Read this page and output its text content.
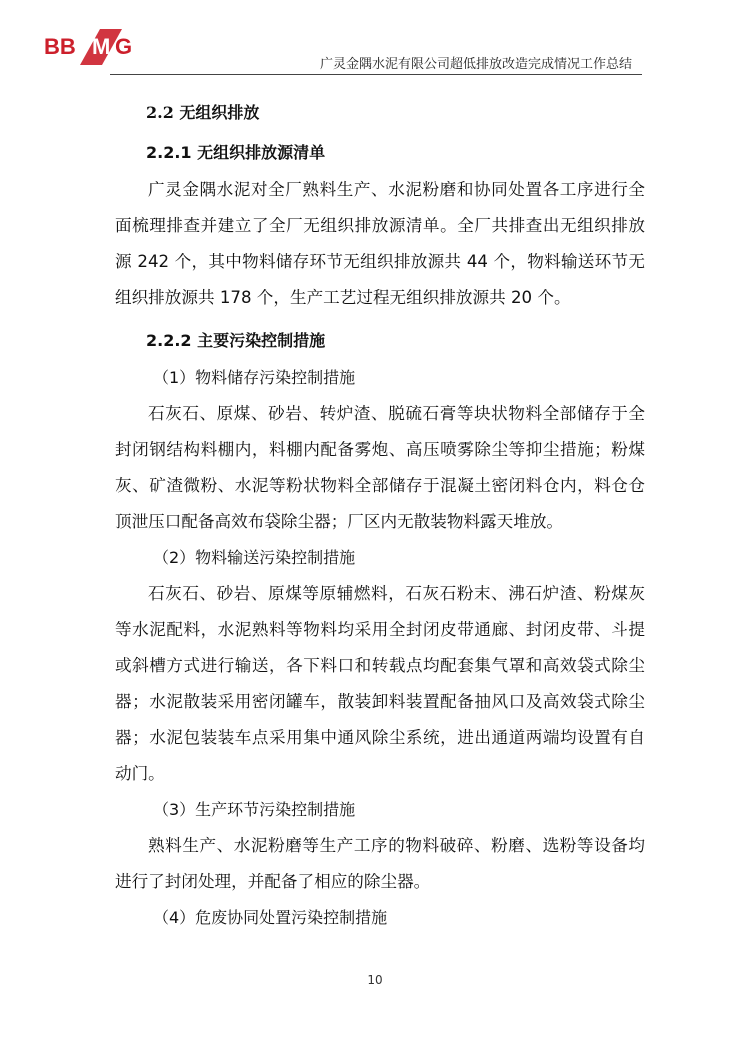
BB M G
广灵金隅水泥有限公司超低排放改造完成情况工作总结
2.2 无组织排放
2.2.1 无组织排放源清单

广灵金隅水泥对全厂熟料生产、水泥粉磨和协同处置各工序进行全面梳理排查并建立了全厂无组织排放源清单。全厂共排查出无组织排放源 242 个，其中物料储存环节无组织排放源共 44 个，物料输送环节无组织排放源共 178 个，生产工艺过程无组织排放源共 20 个。

2.2.2 主要污染控制措施
（1）物料储存污染控制措施

石灰石、原煤、砂岩、转炉渣、脱硫石膏等块状物料全部储存于全封闭钢结构料棚内，料棚内配备雾炮、高压喷雾除尘等抑尘措施；粉煤灰、矿渣微粉、水泥等粉状物料全部储存于混凝土密闭料仓内，料仓仓顶泄压口配备高效布袋除尘器；厂区内无散装物料露天堆放。

（2）物料输送污染控制措施

石灰石、砂岩、原煤等原辅燃料，石灰石粉末、沸石炉渣、粉煤灰等水泥配料，水泥熟料等物料均采用全封闭皮带通廊、封闭皮带、斗提或斜槽方式进行输送，各下料口和转载点均配套集气罩和高效袋式除尘器；水泥散装采用密闭罐车，散装卸料装置配备抽风口及高效袋式除尘器；水泥包装装车点采用集中通风除尘系统，进出通道两端均设置有自动门。

（3）生产环节污染控制措施

熟料生产、水泥粉磨等生产工序的物料破碎、粉磨、选粉等设备均进行了封闭处理，并配备了相应的除尘器。

（4）危废协同处置污染控制措施
10
